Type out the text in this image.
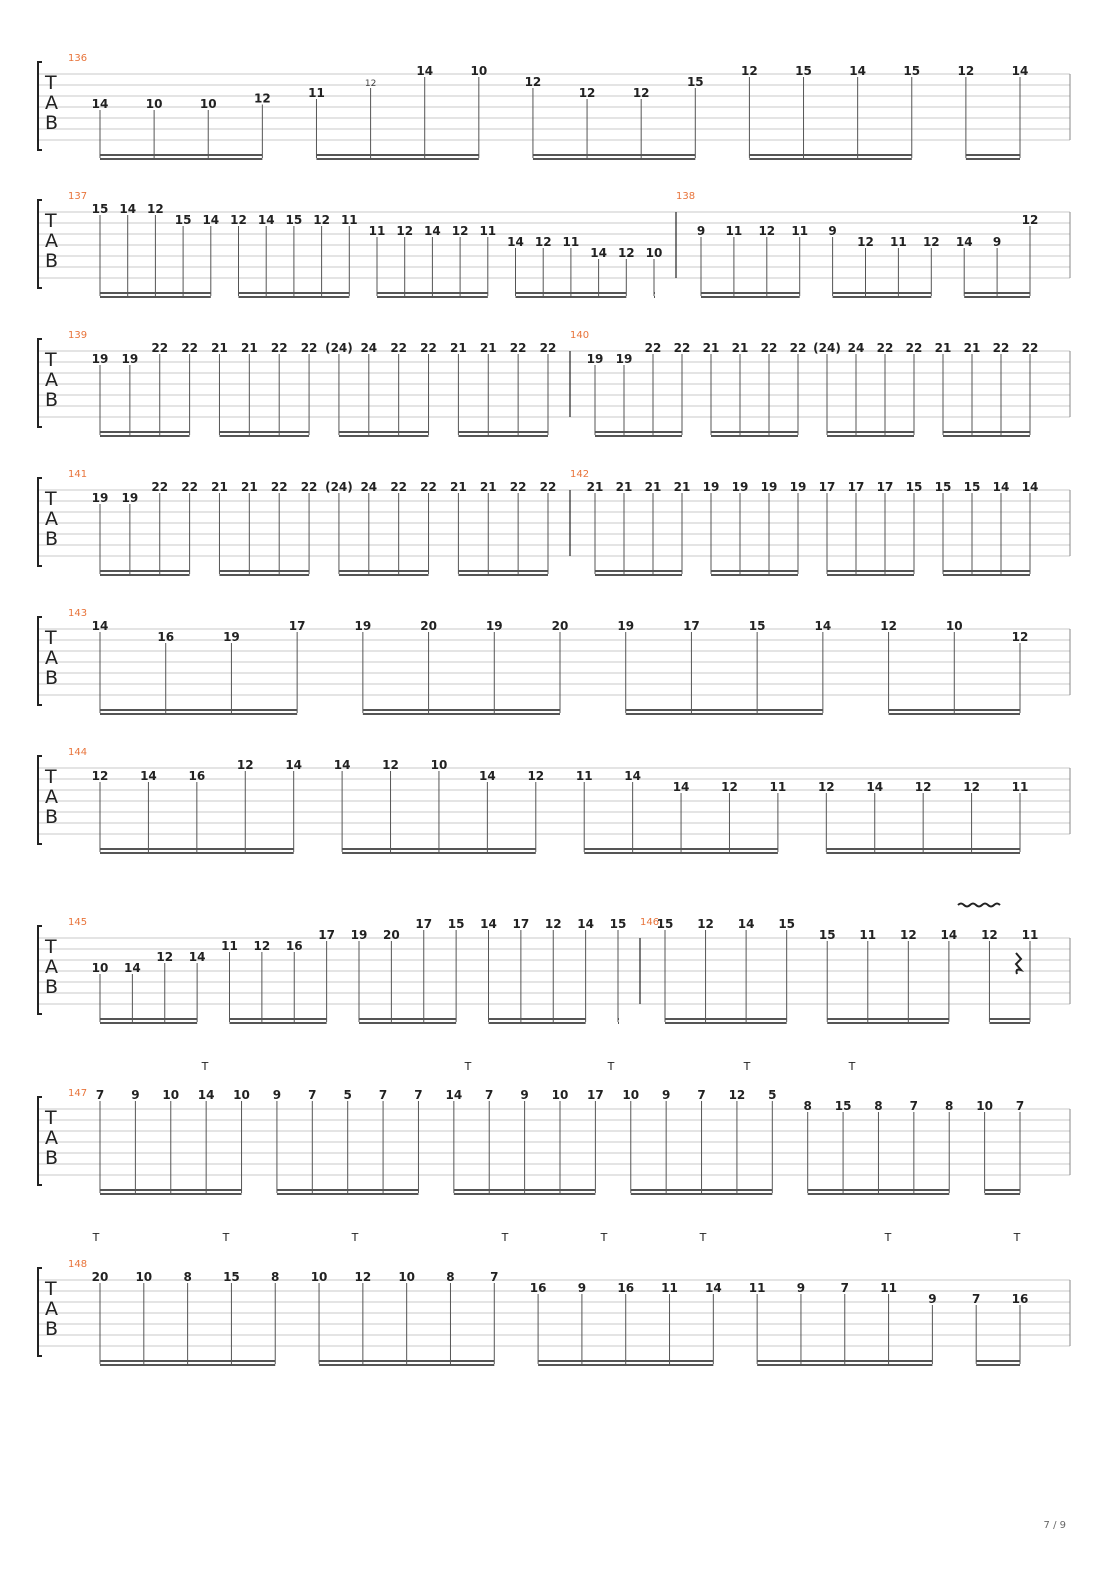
T
A
B
136
14	10	10	12	11
12
14	10
12
12	12
15
12	15	14	15	12	14
T
A
B
137
15 14 12
15 14 12 14 15 12 11
11 12 14 12 11
14 12 11
14 12 10
138
9 11 12 11 9
12 11 12 14 9
12
T
A
B
139
19 19
22 22 21 21 22 22 (24) 24 22 22 21 21 22 22
140
19 19
22 22 21 21 22 22 (24) 24 22 22 21 21 22 22
T
A
B
141
19 19
22 22 21 21 22 22 (24) 24 22 22 21 21 22 22
142
21 21 21 21 19 19 19 19 17 17 17 15 15 15 14 14
T
A
B
143
14
16	19
17	19	20	19	20	19	17	15	14	12	10
12
T
A
B
144
12	14	16
12	14	14	12	10
14	12	11	14
14	12	11	12	14	12	12	11
T
A
B
145
10 14
12 14
11 12 16
17 19 20
17 15 14 17 12 14 15 146
15 12 14 15
15 11 12 14 12 11
T
A
B
147 7 9 10 14 10 9 7 5 7 7 14 7 9 10 17 10 9 7 12 5
8 15 8 7 8 10 7
T
A
B
148
20 10	8	15	8	10 12 10	8	7
16	9	16 11 14 11	9	7	11
9	7	16
T	T	T	T	T
T	T	T	T	T	T	T	T
7 / 9
